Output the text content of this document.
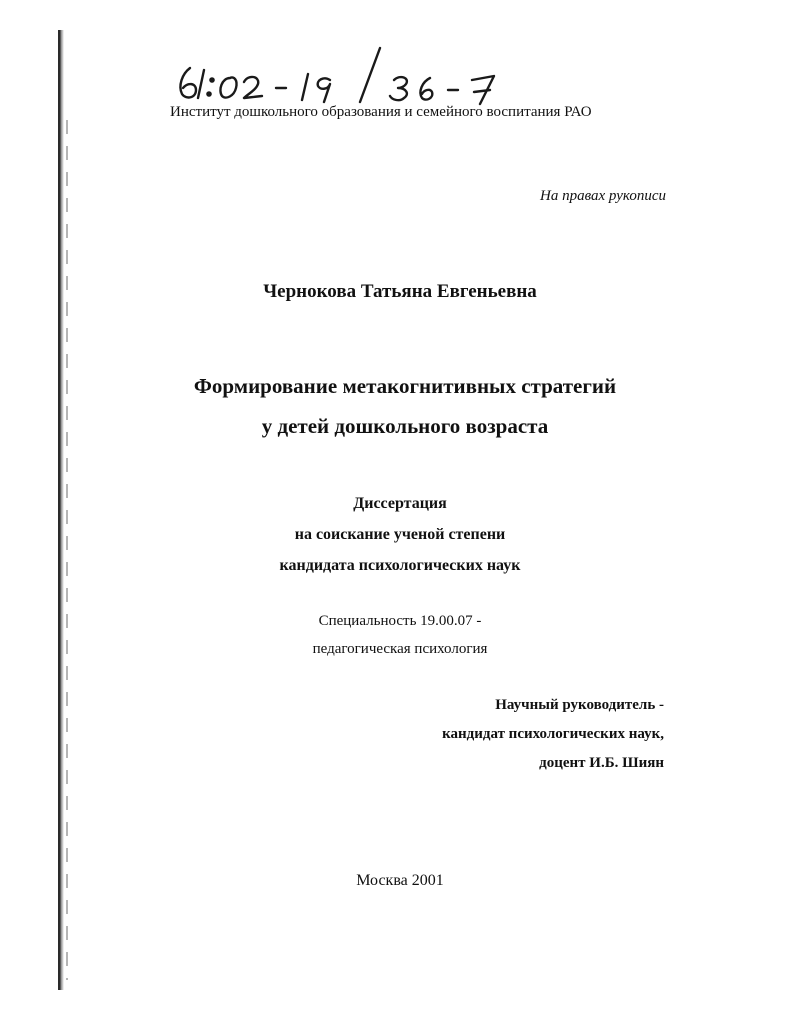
Институт дошкольного образования и семейного воспитания РАО
На правах рукописи
Чернокова Татьяна Евгеньевна
Формирование метакогнитивных стратегий
у детей дошкольного возраста
Диссертация
на соискание ученой степени
кандидата психологических наук
Специальность 19.00.07 -
педагогическая психология
Научный руководитель -
кандидат психологических наук,
доцент И.Б. Шиян
Москва 2001
